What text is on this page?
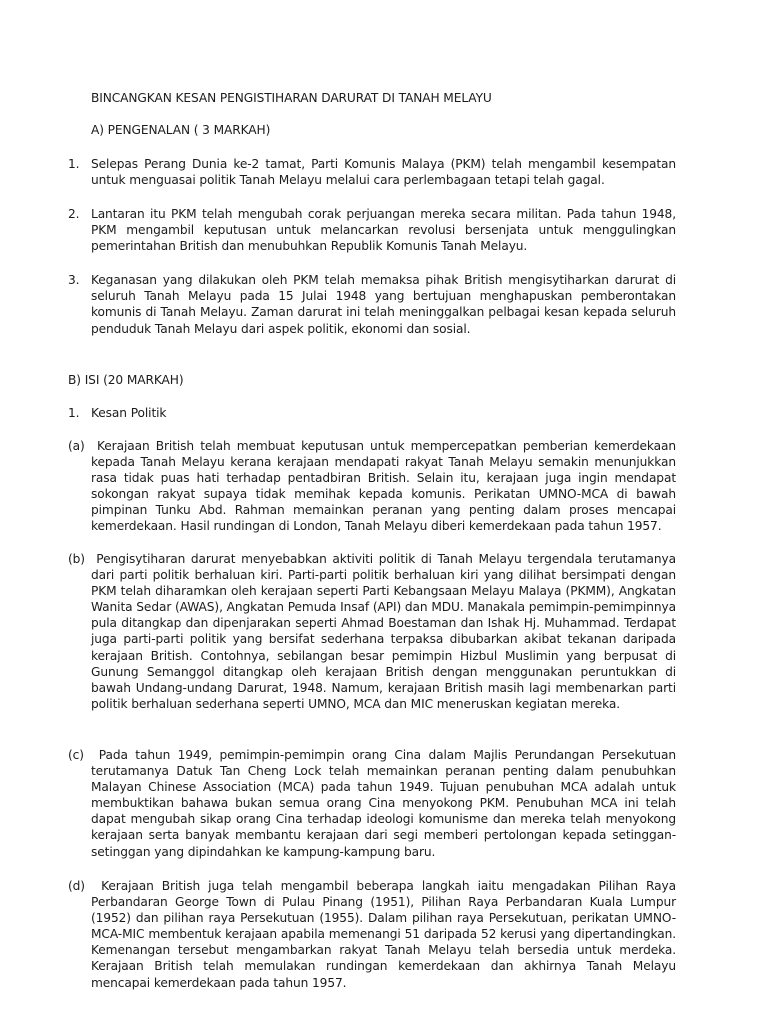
BINCANGKAN KESAN PENGISTIHARAN DARURAT DI TANAH MELAYU
A) PENGENALAN ( 3 MARKAH)
1. Selepas Perang Dunia ke-2 tamat, Parti Komunis Malaya (PKM) telah mengambil kesempatan untuk menguasai politik Tanah Melayu melalui cara perlembagaan tetapi telah gagal.
2. Lantaran itu PKM telah mengubah corak perjuangan mereka secara militan. Pada tahun 1948, PKM mengambil keputusan untuk melancarkan revolusi bersenjata untuk menggulingkan pemerintahan British dan menubuhkan Republik Komunis Tanah Melayu.
3. Keganasan yang dilakukan oleh PKM telah memaksa pihak British mengisytiharkan darurat di seluruh Tanah Melayu pada 15 Julai 1948 yang bertujuan menghapuskan pemberontakan komunis di Tanah Melayu. Zaman darurat ini telah meninggalkan pelbagai kesan kepada seluruh penduduk Tanah Melayu dari aspek politik, ekonomi dan sosial.
B) ISI (20 MARKAH)
1. Kesan Politik
(a) Kerajaan British telah membuat keputusan untuk mempercepatkan pemberian kemerdekaan kepada Tanah Melayu kerana kerajaan mendapati rakyat Tanah Melayu semakin menunjukkan rasa tidak puas hati terhadap pentadbiran British. Selain itu, kerajaan juga ingin mendapat sokongan rakyat supaya tidak memihak kepada komunis. Perikatan UMNO-MCA di bawah pimpinan Tunku Abd. Rahman memainkan peranan yang penting dalam proses mencapai kemerdekaan. Hasil rundingan di London, Tanah Melayu diberi kemerdekaan pada tahun 1957.
(b) Pengisytiharan darurat menyebabkan aktiviti politik di Tanah Melayu tergendala terutamanya dari parti politik berhaluan kiri. Parti-parti politik berhaluan kiri yang dilihat bersimpati dengan PKM telah diharamkan oleh kerajaan seperti Parti Kebangsaan Melayu Malaya (PKMM), Angkatan Wanita Sedar (AWAS), Angkatan Pemuda Insaf (API) dan MDU. Manakala pemimpin-pemimpinnya pula ditangkap dan dipenjarakan seperti Ahmad Boestaman dan Ishak Hj. Muhammad. Terdapat juga parti-parti politik yang bersifat sederhana terpaksa dibubarkan akibat tekanan daripada kerajaan British. Contohnya, sebilangan besar pemimpin Hizbul Muslimin yang berpusat di Gunung Semanggol ditangkap oleh kerajaan British dengan menggunakan peruntukkan di bawah Undang-undang Darurat, 1948. Namum, kerajaan British masih lagi membenarkan parti politik berhaluan sederhana seperti UMNO, MCA dan MIC meneruskan kegiatan mereka.
(c) Pada tahun 1949, pemimpin-pemimpin orang Cina dalam Majlis Perundangan Persekutuan terutamanya Datuk Tan Cheng Lock telah memainkan peranan penting dalam penubuhkan Malayan Chinese Association (MCA) pada tahun 1949. Tujuan penubuhan MCA adalah untuk membuktikan bahawa bukan semua orang Cina menyokong PKM. Penubuhan MCA ini telah dapat mengubah sikap orang Cina terhadap ideologi komunisme dan mereka telah menyokong kerajaan serta banyak membantu kerajaan dari segi memberi pertolongan kepada setinggan-setinggan yang dipindahkan ke kampung-kampung baru.
(d) Kerajaan British juga telah mengambil beberapa langkah iaitu mengadakan Pilihan Raya Perbandaran George Town di Pulau Pinang (1951), Pilihan Raya Perbandaran Kuala Lumpur (1952) dan pilihan raya Persekutuan (1955). Dalam pilihan raya Persekutuan, perikatan UMNO-MCA-MIC membentuk kerajaan apabila memenangi 51 daripada 52 kerusi yang dipertandingkan. Kemenangan tersebut mengambarkan rakyat Tanah Melayu telah bersedia untuk merdeka. Kerajaan British telah memulakan rundingan kemerdekaan dan akhirnya Tanah Melayu mencapai kemerdekaan pada tahun 1957.
